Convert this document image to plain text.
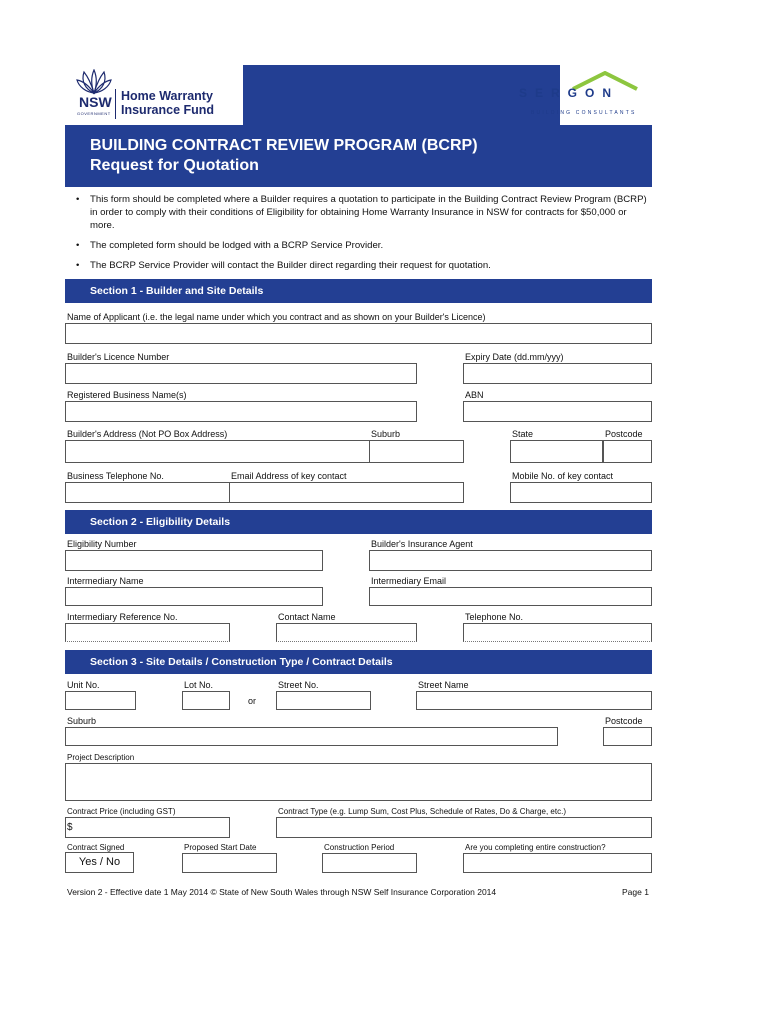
NSW
GOVERNMENT
Home Warranty
Insurance Fund
SERGON
BUILDING CONSULTANTS
BUILDING CONTRACT REVIEW PROGRAM (BCRP)
Request for Quotation
• This form should be completed where a Builder requires a quotation to participate in the Building Contract Review Program (BCRP) in order to comply with their conditions of Eligibility for obtaining Home Warranty Insurance in NSW for contracts for $50,000 or more.
• The completed form should be lodged with a BCRP Service Provider.
• The BCRP Service Provider will contact the Builder direct regarding their request for quotation.
Section 1 - Builder and Site Details
Name of Applicant (i.e. the legal name under which you contract and as shown on your Builder's Licence)
Builder's Licence Number	Expiry Date (dd.mm/yyy)
Registered Business Name(s)	ABN
Builder's Address (Not PO Box Address)	Suburb	State	Postcode
Business Telephone No.	Email Address of key contact	Mobile No. of key contact
Section 2 - Eligibility Details
Eligibility Number	Builder's Insurance Agent
Intermediary Name	Intermediary Email
Intermediary Reference No.	Contact Name	Telephone No.
Section 3 - Site Details / Construction Type / Contract Details
Unit No.	Lot No.	Street No.	Street Name
or
Suburb	Postcode
Project Description
Contract Price (including GST)	Contract Type (e.g. Lump Sum, Cost Plus, Schedule of Rates, Do & Charge, etc.)
$
Contract Signed	Proposed Start Date	Construction Period	Are you completing entire construction?
Yes / No
Version 2 - Effective date 1 May 2014 © State of New South Wales through NSW Self Insurance Corporation 2014	Page 1
